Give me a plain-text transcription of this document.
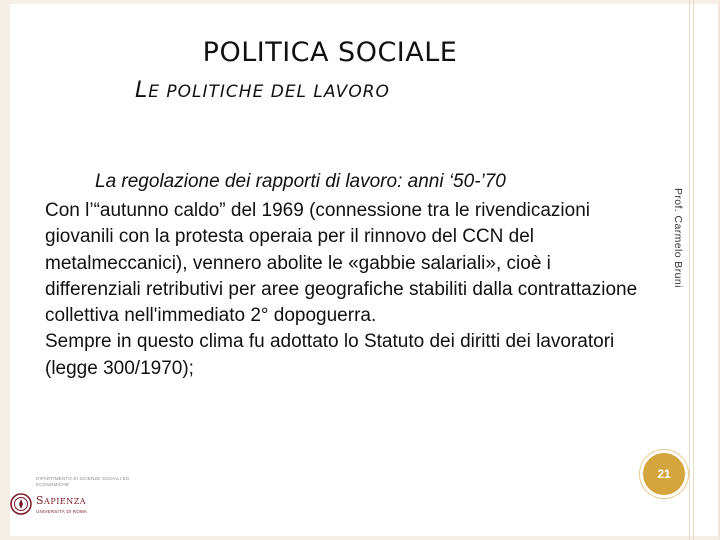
POLITICA SOCIALE
LE POLITICHE DEL LAVORO
La regolazione dei rapporti di lavoro: anni ‘50-’70

Con l’“autunno caldo” del 1969 (connessione tra le rivendicazioni giovanili con la protesta operaia per il rinnovo del CCN del metalmeccanici), vennero abolite le «gabbie salariali», cioè i differenziali retributivi per aree geografiche stabiliti dalla contrattazione collettiva nell'immediato 2° dopoguerra.

Sempre in questo clima fu adottato lo Statuto dei diritti dei lavoratori (legge 300/1970);

Prof. Carmelo Bruni
21
DIPARTIMENTO DI SCIENZE SOCIALI ED ECONOMICHE
Sapienza
UNIVERSITÀ DI ROMA
